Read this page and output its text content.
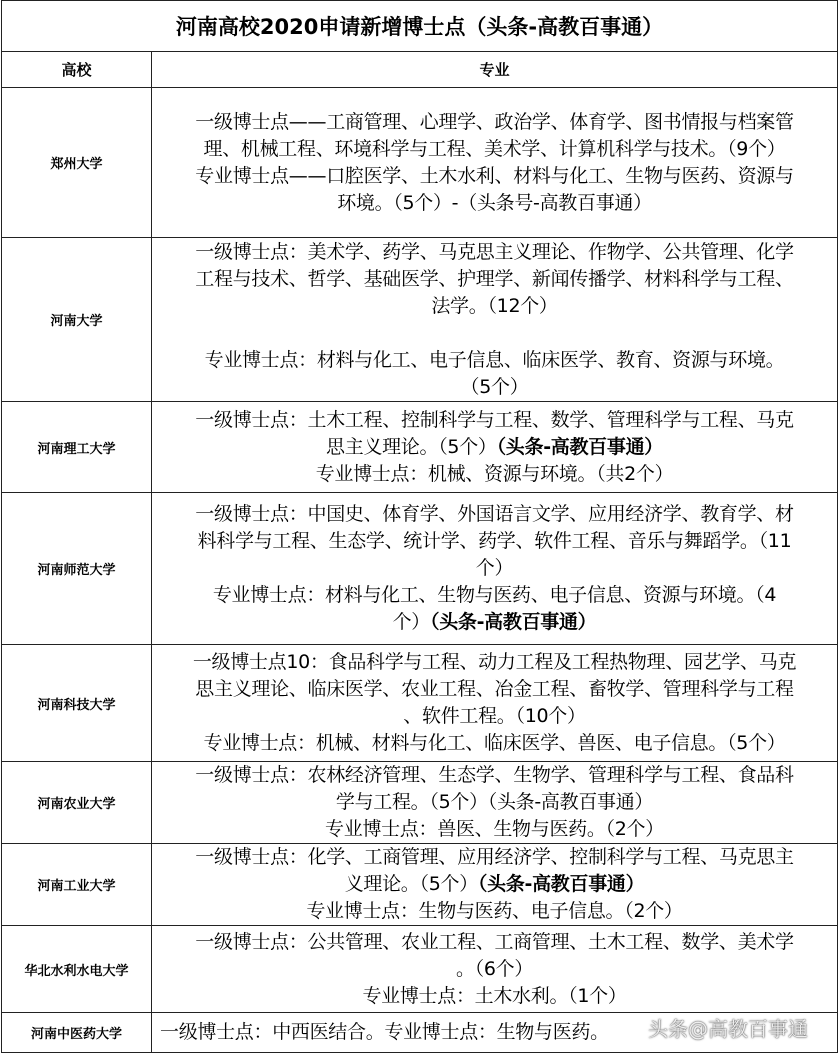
河南高校2020申请新增博士点（头条-高教百事通）	
高校	专业
郑州大学	一级博士点——工商管理、心理学、政治学、体育学、图书情报与档案管
理、机械工程、环境科学与工程、美术学、计算机科学与技术。（9个）
专业博士点——口腔医学、土木水利、材料与化工、生物与医药、资源与
环境。（5个）-（头条号-高教百事通）

河南大学	一级博士点：美术学、药学、马克思主义理论、作物学、公共管理、化学
工程与技术、哲学、基础医学、护理学、新闻传播学、材料科学与工程、
法学。（12个）
专业博士点：材料与化工、电子信息、临床医学、教育、资源与环境。
（5个）

河南理工大学	一级博士点：土木工程、控制科学与工程、数学、管理科学与工程、马克
思主义理论。（5个）（头条-高教百事通）
专业博士点：机械、资源与环境。（共2个）

河南师范大学	一级博士点：中国史、体育学、外国语言文学、应用经济学、教育学、材
料科学与工程、生态学、统计学、药学、软件工程、音乐与舞蹈学。（11
个）
专业博士点：材料与化工、生物与医药、电子信息、资源与环境。（4
个）（头条-高教百事通）

河南科技大学	一级博士点10：食品科学与工程、动力工程及工程热物理、园艺学、马克
思主义理论、临床医学、农业工程、冶金工程、畜牧学、管理科学与工程
、软件工程。（10个）
专业博士点：机械、材料与化工、临床医学、兽医、电子信息。（5个）

河南农业大学	一级博士点：农林经济管理、生态学、生物学、管理科学与工程、食品科
学与工程。（5个）（头条-高教百事通）
专业博士点：兽医、生物与医药。（2个）

河南工业大学	一级博士点：化学、工商管理、应用经济学、控制科学与工程、马克思主
义理论。（5个）（头条-高教百事通）
专业博士点：生物与医药、电子信息。（2个）

华北水利水电大学	一级博士点：公共管理、农业工程、工商管理、土木工程、数学、美术学
。（6个）
专业博士点：土木水利。（1个）

河南中医药大学	一级博士点：中西医结合。专业博士点：生物与医药。	头条@高教百事通
